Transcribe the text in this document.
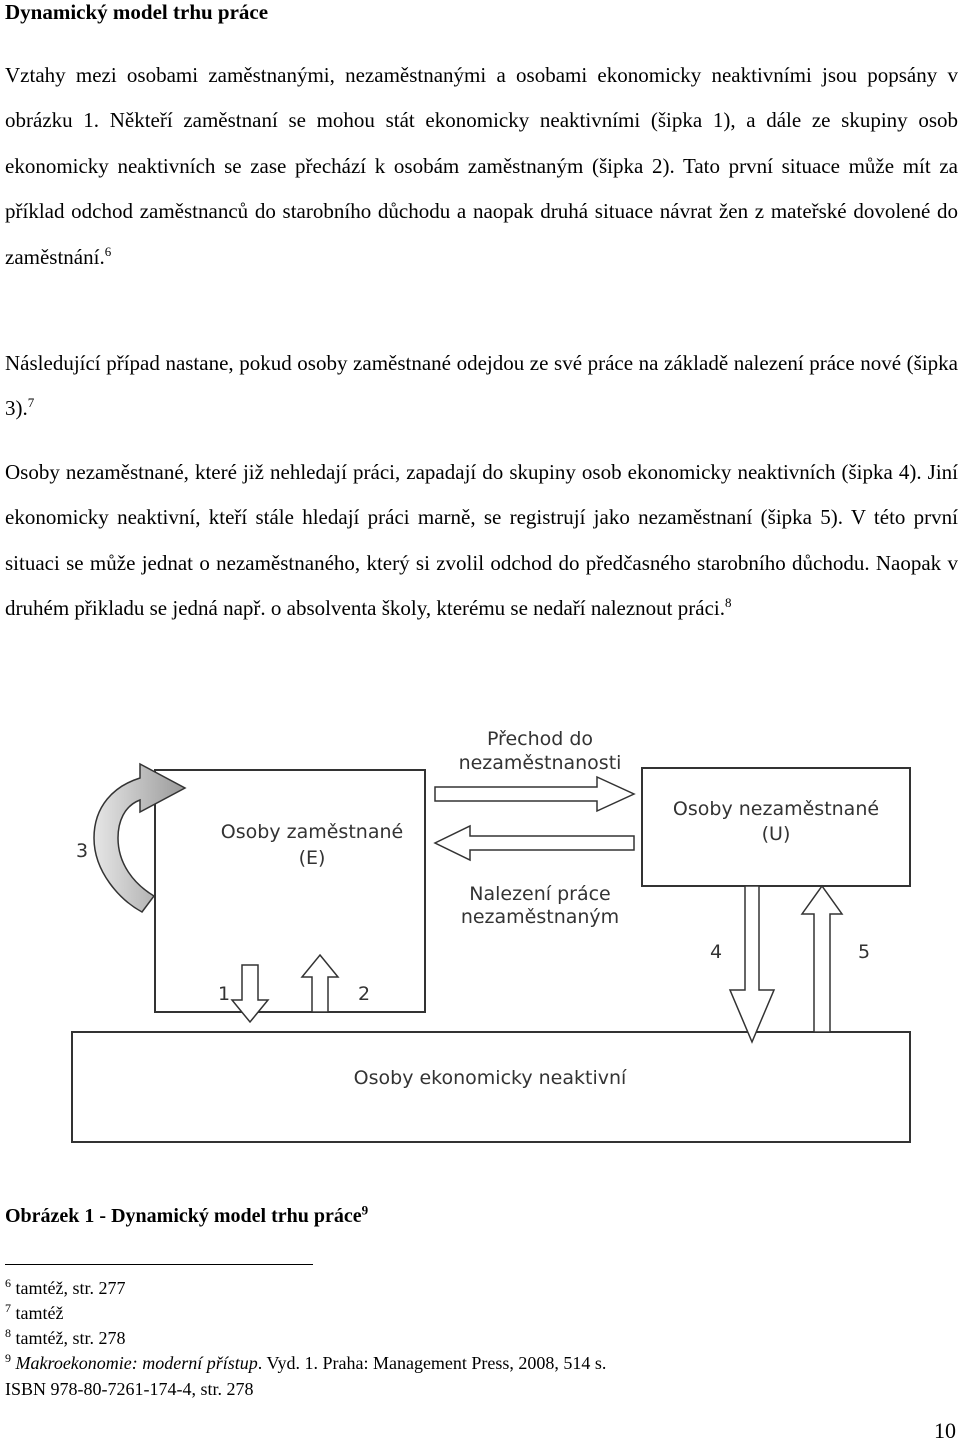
Dynamický model trhu práce
Vztahy mezi osobami zaměstnanými, nezaměstnanými a osobami ekonomicky neaktivními jsou popsány v obrázku 1. Někteří zaměstnaní se mohou stát ekonomicky neaktivními (šipka 1), a dále ze skupiny osob ekonomicky neaktivních se zase přechází k osobám zaměstnaným (šipka 2). Tato první situace může mít za příklad odchod zaměstnanců do starobního důchodu a naopak druhá situace návrat žen z mateřské dovolené do zaměstnání.$^6$
Následující případ nastane, pokud osoby zaměstnané odejdou ze své práce na základě nalezení práce nové (šipka 3).$^7$
Osoby nezaměstnané, které již nehledají práci, zapadají do skupiny osob ekonomicky neaktivních (šipka 4). Jiní ekonomicky neaktivní, kteří stále hledají práci marně, se registrují jako nezaměstnaní (šipka 5). V této první situaci se může jednat o nezaměstnaného, který si zvolil odchod do předčasného starobního důchodu. Naopak v druhém přikladu se jedná např. o absolventa školy, kterému se nedaří naleznout práci.$^8$
Osoby zaměstnané
(E)
Osoby nezaměstnané
(U)
Osoby ekonomicky neaktivní
Přechod do
nezaměstnanosti
Nalezení práce
nezaměstnaným
3
1	2
4	5
Obrázek 1 - Dynamický model trhu práce$^9$
$^6$ tamtéž, str. 277
$^7$ tamtéž
$^8$ tamtéž, str. 278
$^9$ Makroekonomie: moderní přístup. Vyd. 1. Praha: Management Press, 2008, 514 s.
ISBN 978-80-7261-174-4, str. 278
10
